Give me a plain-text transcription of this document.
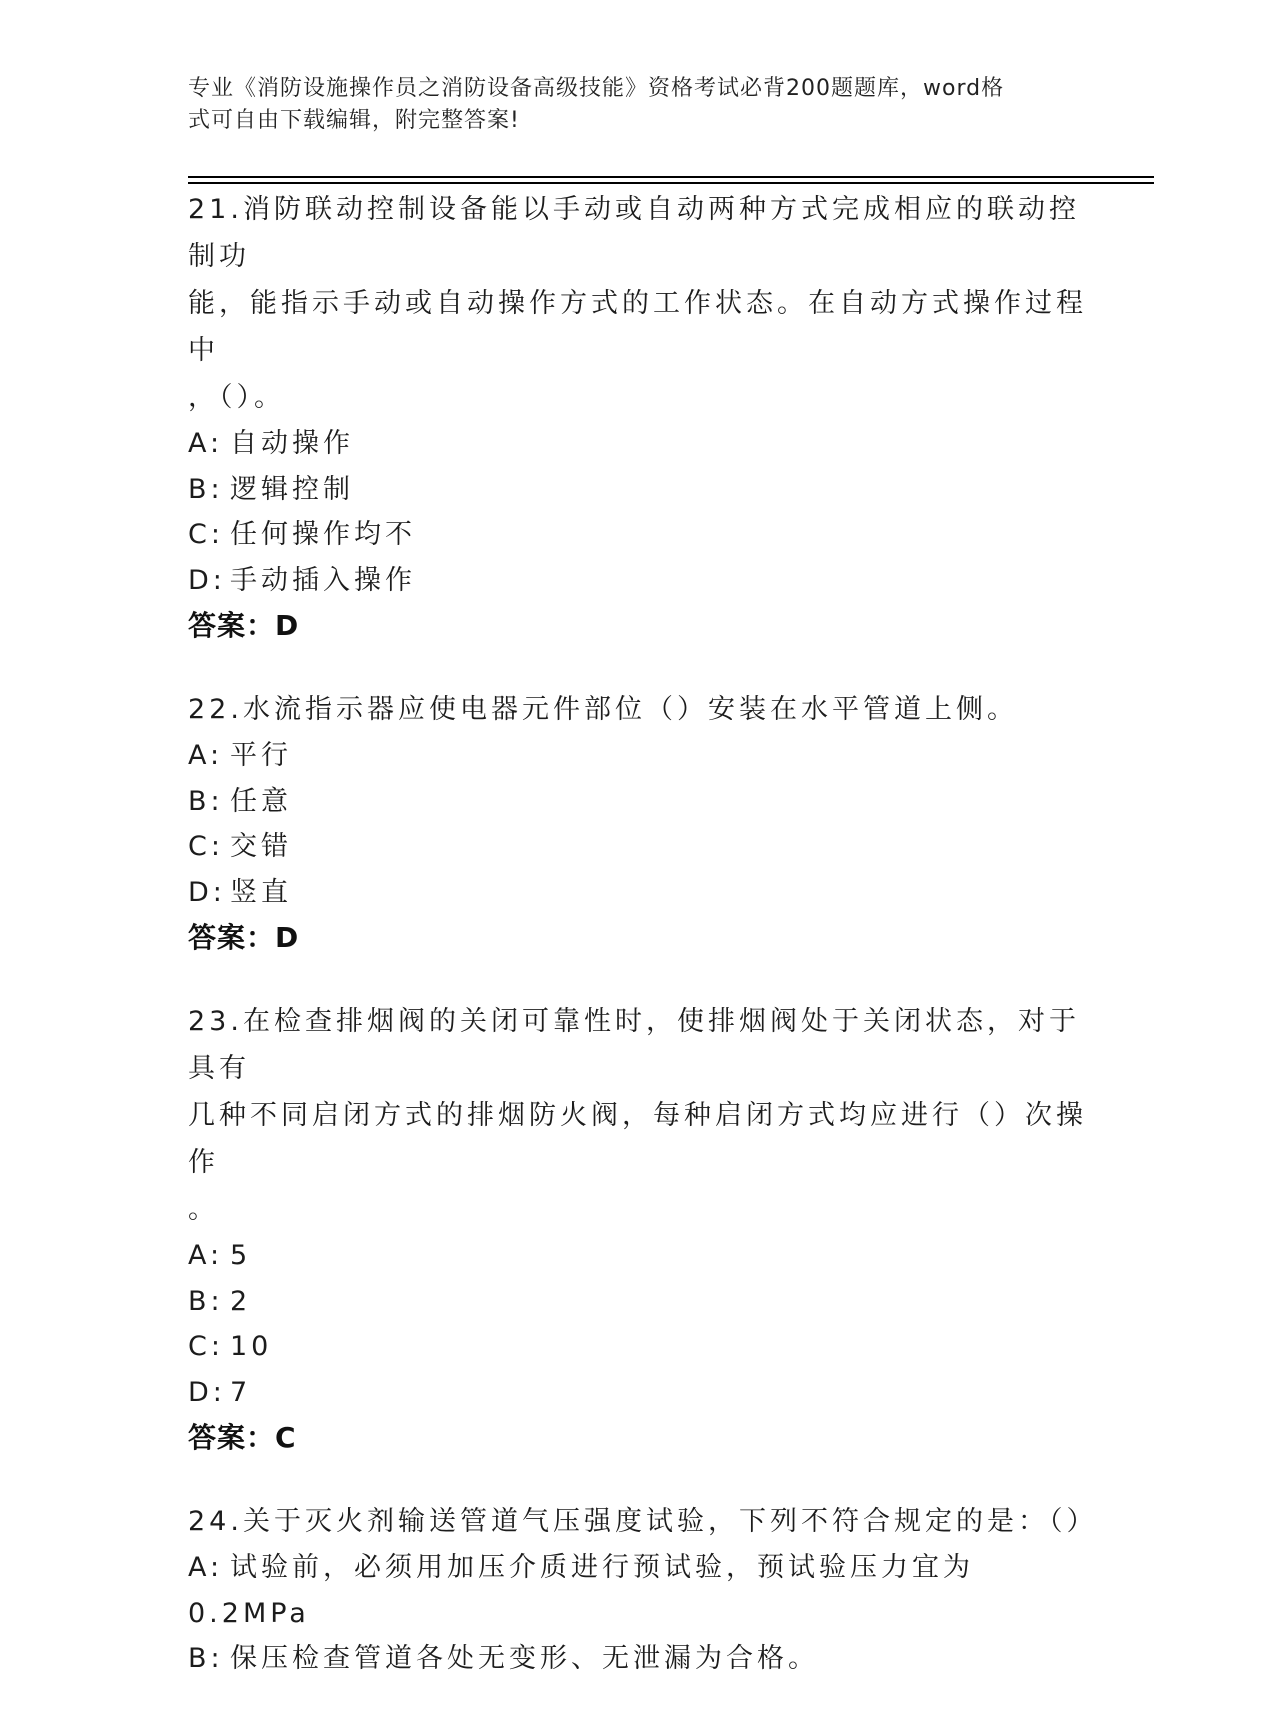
专业《消防设施操作员之消防设备高级技能》资格考试必背200题题库，word格
式可自由下载编辑，附完整答案!

21.消防联动控制设备能以手动或自动两种方式完成相应的联动控制功

能，能指示手动或自动操作方式的工作状态。在自动方式操作过程中

，（）。

A: 自动操作

B: 逻辑控制

C: 任何操作均不

D: 手动插入操作

答案：D

22.水流指示器应使电器元件部位（）安装在水平管道上侧。

A: 平行

B: 任意

C: 交错

D: 竖直

答案：D

23.在检查排烟阀的关闭可靠性时，使排烟阀处于关闭状态，对于具有

几种不同启闭方式的排烟防火阀，每种启闭方式均应进行（）次操作

。

A: 5

B: 2

C: 10

D: 7

答案：C

24.关于灭火剂输送管道气压强度试验，下列不符合规定的是：（）

A: 试验前，必须用加压介质进行预试验，预试验压力宜为0.2MPa

B: 保压检查管道各处无变形、无泄漏为合格。
